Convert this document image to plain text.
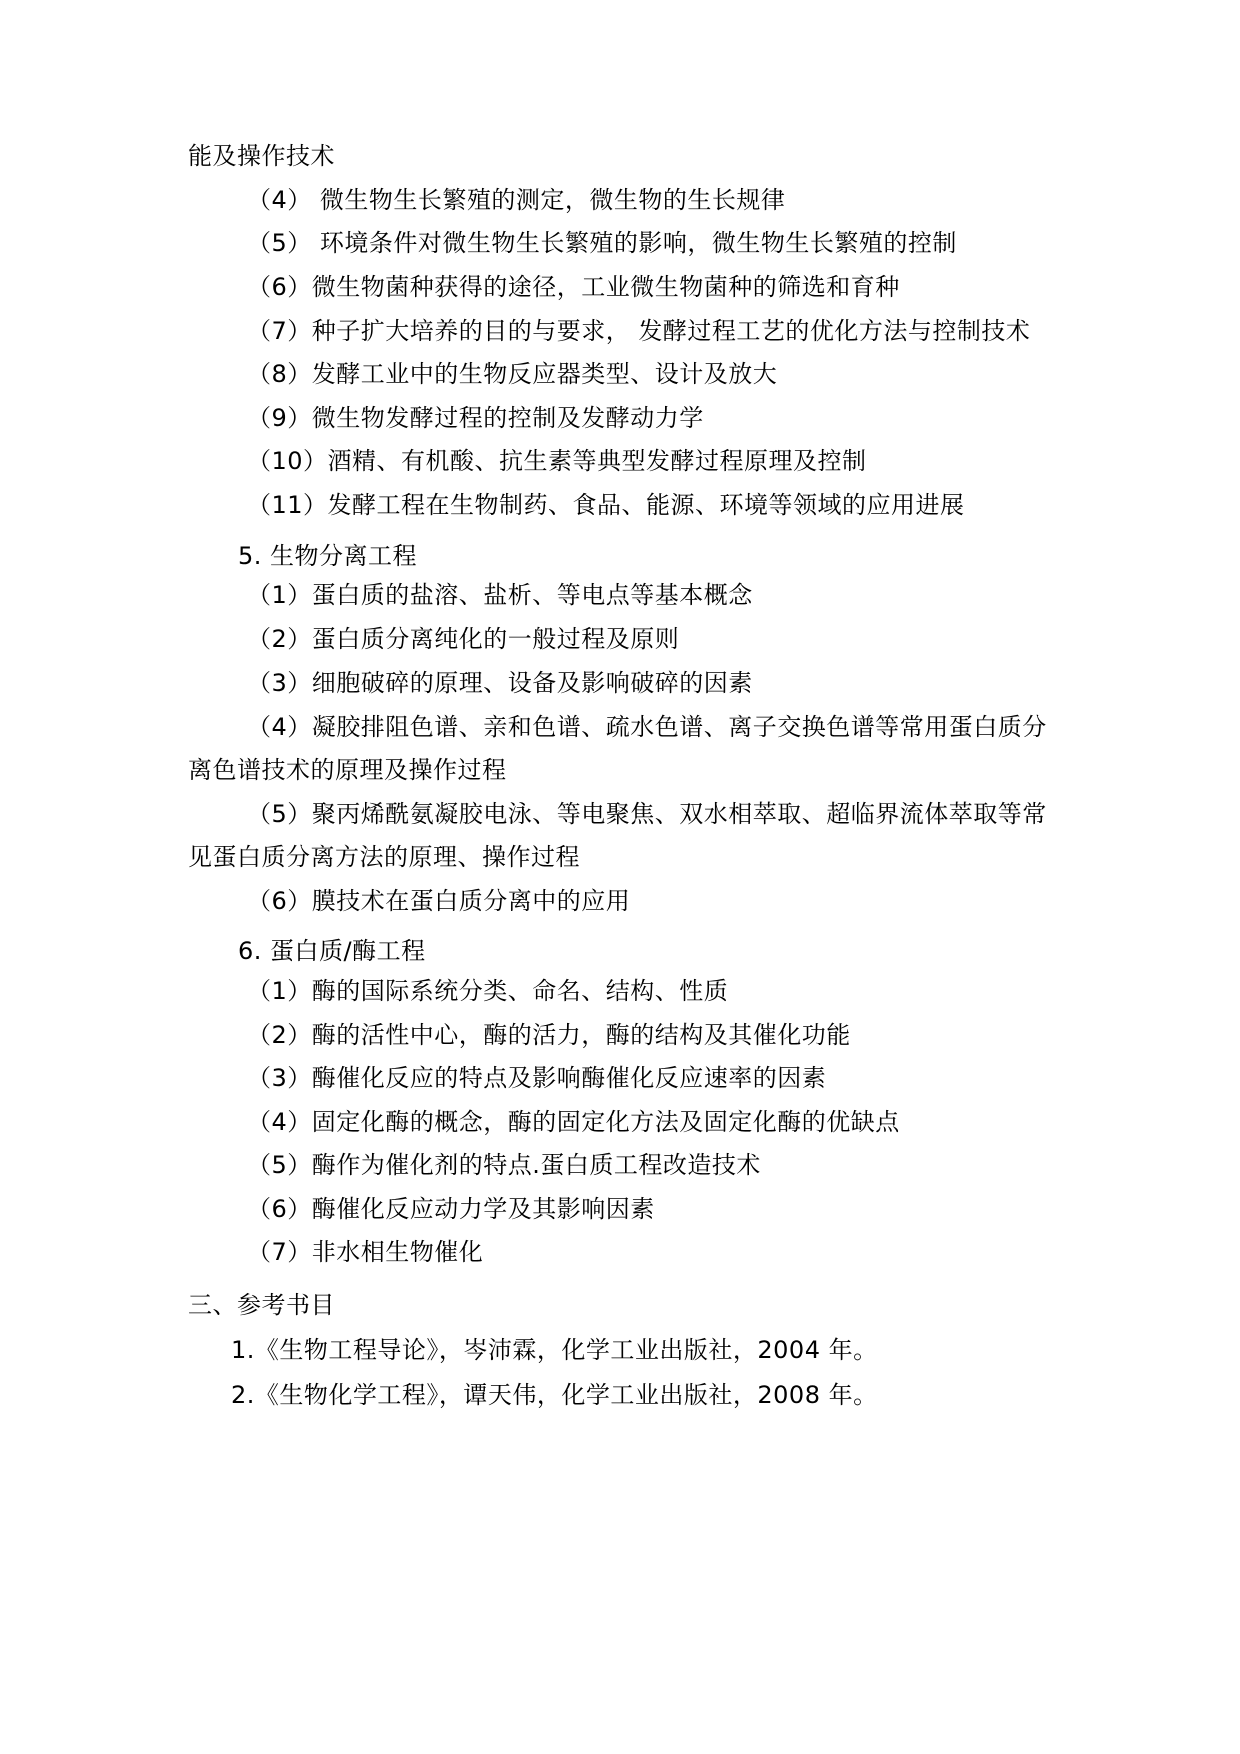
能及操作技术
（4） 微生物生长繁殖的测定，微生物的生长规律
（5） 环境条件对微生物生长繁殖的影响，微生物生长繁殖的控制
（6）微生物菌种获得的途径，工业微生物菌种的筛选和育种
（7）种子扩大培养的目的与要求， 发酵过程工艺的优化方法与控制技术
（8）发酵工业中的生物反应器类型、设计及放大
（9）微生物发酵过程的控制及发酵动力学
（10）酒精、有机酸、抗生素等典型发酵过程原理及控制
（11）发酵工程在生物制药、食品、能源、环境等领域的应用进展
5. 生物分离工程
（1）蛋白质的盐溶、盐析、等电点等基本概念
（2）蛋白质分离纯化的一般过程及原则
（3）细胞破碎的原理、设备及影响破碎的因素
（4）凝胶排阻色谱、亲和色谱、疏水色谱、离子交换色谱等常用蛋白质分
离色谱技术的原理及操作过程
（5）聚丙烯酰氨凝胶电泳、等电聚焦、双水相萃取、超临界流体萃取等常
见蛋白质分离方法的原理、操作过程
（6）膜技术在蛋白质分离中的应用
6. 蛋白质/酶工程
（1）酶的国际系统分类、命名、结构、性质
（2）酶的活性中心，酶的活力，酶的结构及其催化功能
（3）酶催化反应的特点及影响酶催化反应速率的因素
（4）固定化酶的概念，酶的固定化方法及固定化酶的优缺点
（5）酶作为催化剂的特点.蛋白质工程改造技术
（6）酶催化反应动力学及其影响因素
（7）非水相生物催化
三、参考书目
1.《生物工程导论》，岑沛霖，化学工业出版社，2004 年。
2.《生物化学工程》，谭天伟，化学工业出版社，2008 年。
